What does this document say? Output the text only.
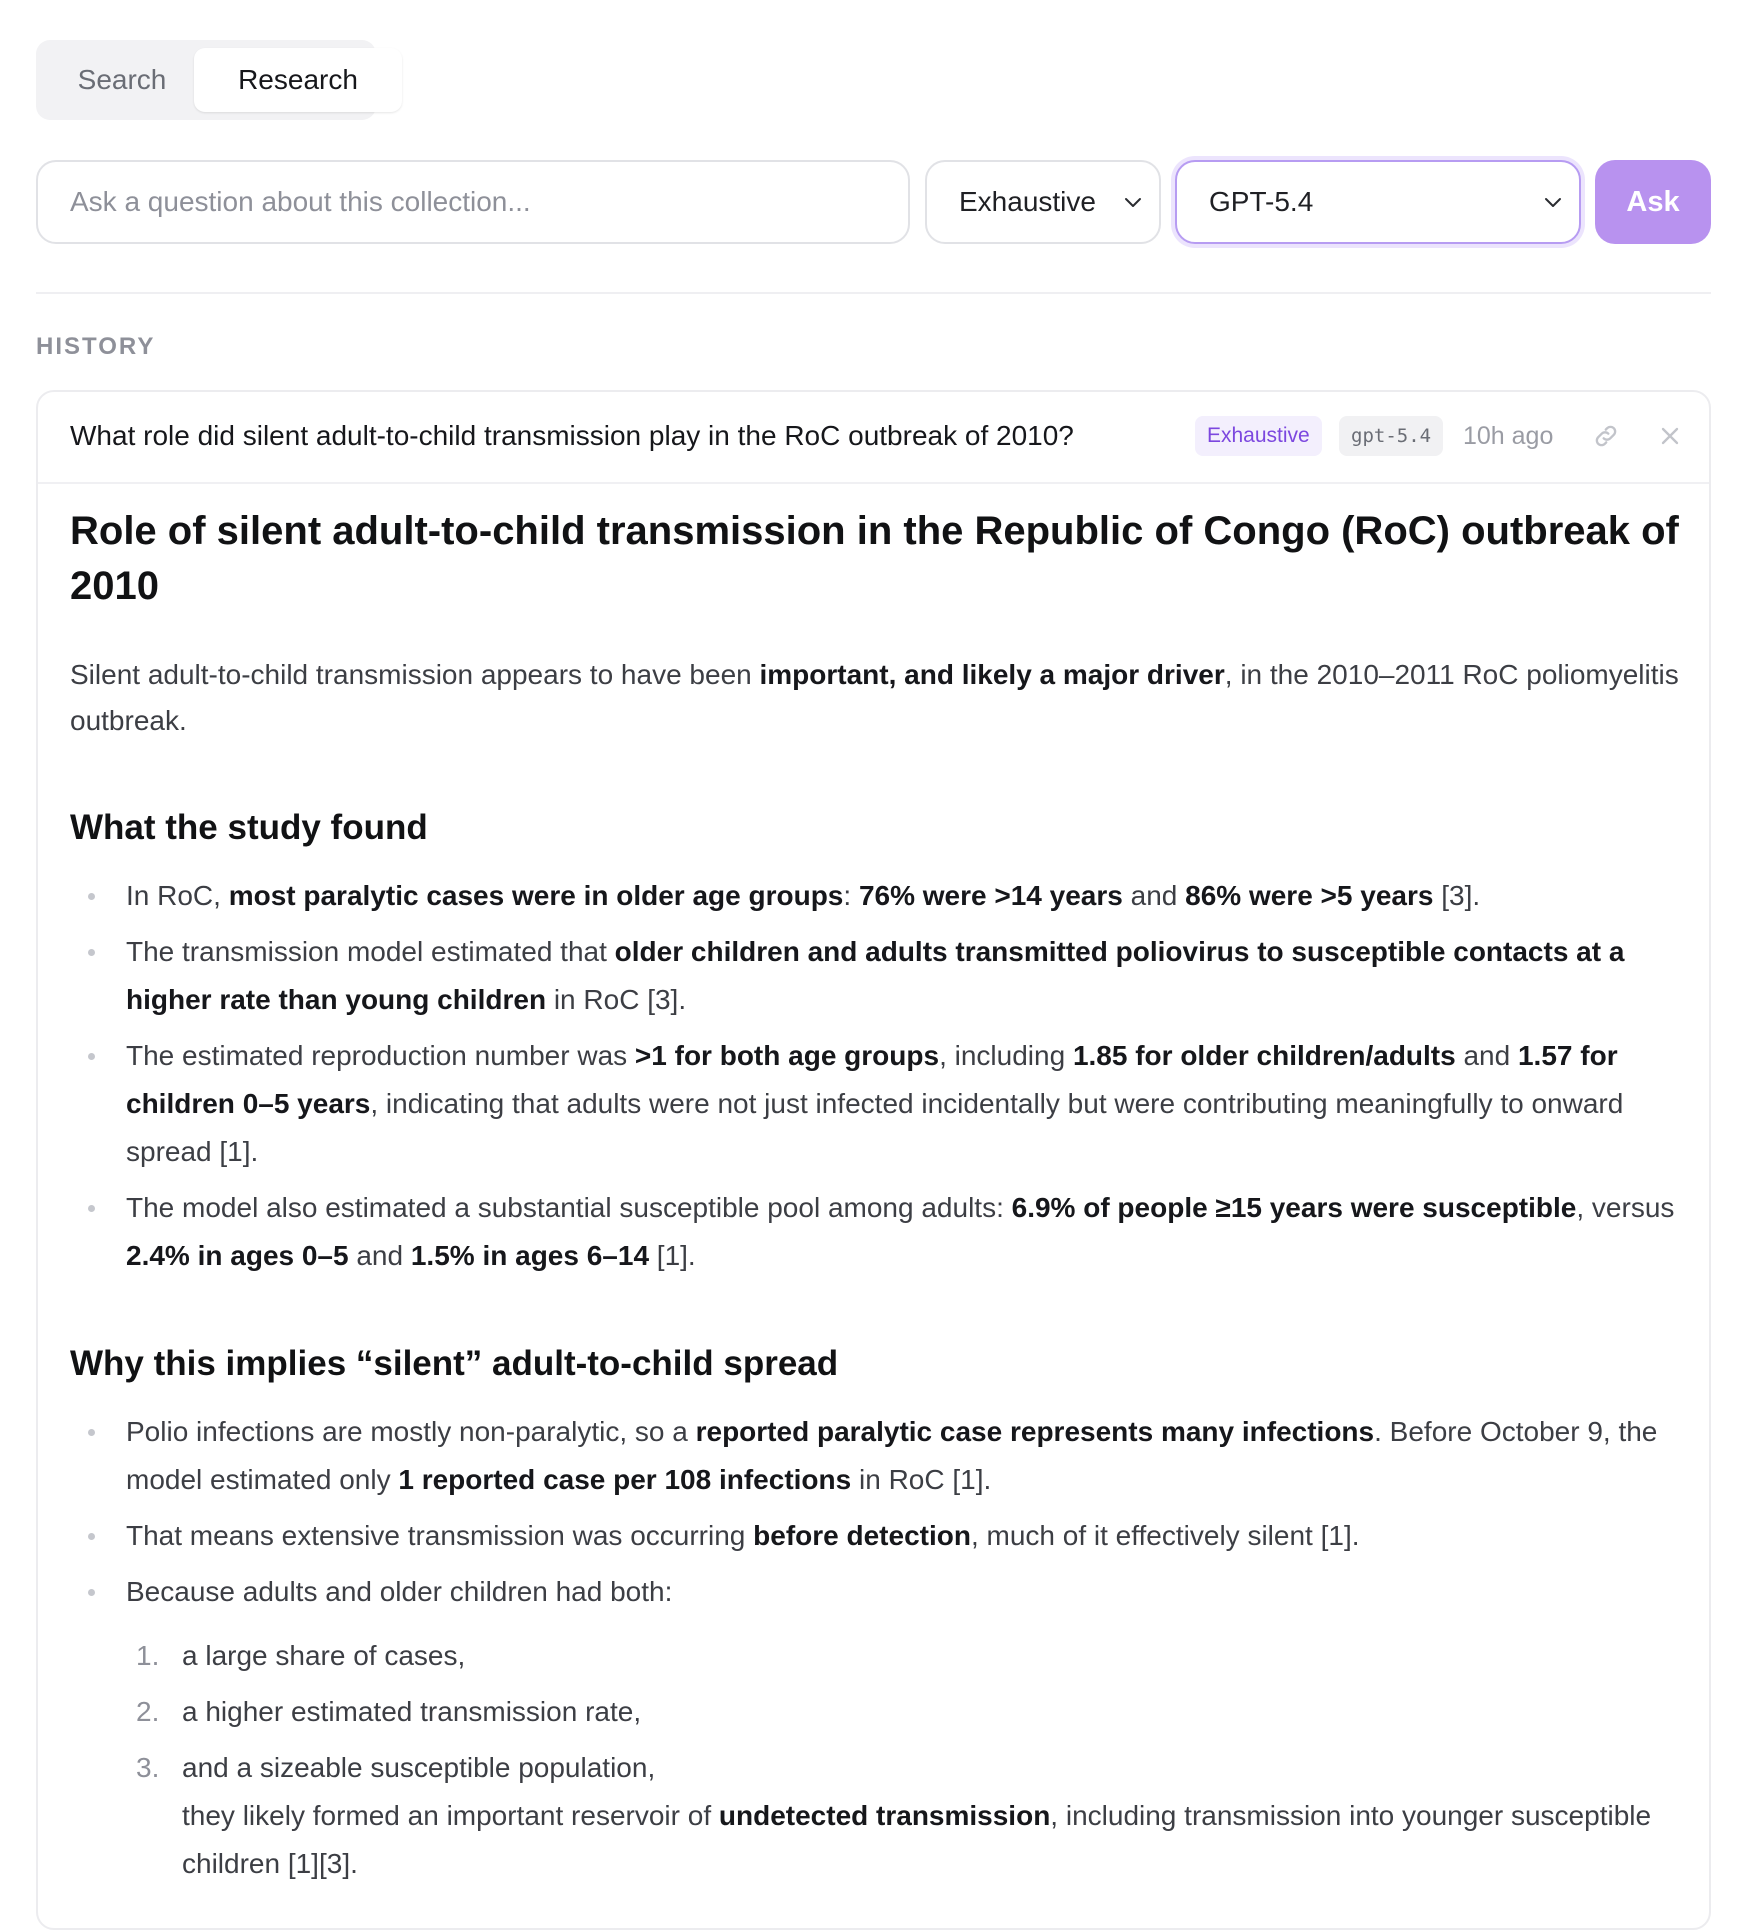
Search	Research
Ask a question about this collection...
Exhaustive	GPT-5.4	Ask
HISTORY
What role did silent adult-to-child transmission play in the RoC outbreak of 2010?	Exhaustive	gpt-5.4	10h ago
Role of silent adult-to-child transmission in the Republic of Congo (RoC) outbreak of 2010

Silent adult-to-child transmission appears to have been important, and likely a major driver, in the 2010–2011 RoC poliomyelitis outbreak.

What the study found
In RoC, most paralytic cases were in older age groups: 76% were >14 years and 86% were >5 years [3].
The transmission model estimated that older children and adults transmitted poliovirus to susceptible contacts at a higher rate than young children in RoC [3].
The estimated reproduction number was >1 for both age groups, including 1.85 for older children/adults and 1.57 for children 0–5 years, indicating that adults were not just infected incidentally but were contributing meaningfully to onward spread [1].
The model also estimated a substantial susceptible pool among adults: 6.9% of people ≥15 years were susceptible, versus 2.4% in ages 0–5 and 1.5% in ages 6–14 [1].
Why this implies “silent” adult-to-child spread
Polio infections are mostly non-paralytic, so a reported paralytic case represents many infections. Before October 9, the model estimated only 1 reported case per 108 infections in RoC [1].
That means extensive transmission was occurring before detection, much of it effectively silent [1].
Because adults and older children had both:
1. a large share of cases,
2. a higher estimated transmission rate,
3. and a sizeable susceptible population,
they likely formed an important reservoir of undetected transmission, including transmission into younger susceptible children [1][3].
